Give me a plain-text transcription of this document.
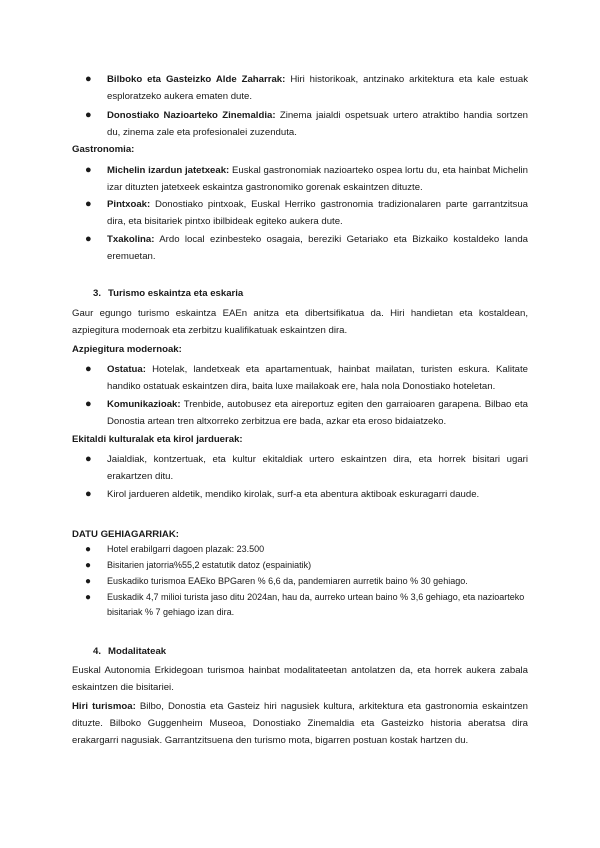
●	Bilboko eta Gasteizko Alde Zaharrak: Hiri historikoak, antzinako arkitektura eta kale estuak esploratzeko aukera ematen dute.
●	Donostiako Nazioarteko Zinemaldia: Zinema jaialdi ospetsuak urtero atraktibo handia sortzen du, zinema zale eta profesionalei zuzenduta.
Gastronomia:
●	Michelin izardun jatetxeak: Euskal gastronomiak nazioarteko ospea lortu du, eta hainbat Michelin izar dituzten jatetxeek eskaintza gastronomiko gorenak eskaintzen dituzte.
●	Pintxoak: Donostiako pintxoak, Euskal Herriko gastronomia tradizionalaren parte garrantzitsua dira, eta bisitariek pintxo ibilbideak egiteko aukera dute.
●	Txakolina: Ardo local ezinbesteko osagaia, bereziki Getariako eta Bizkaiko kostaldeko landa eremuetan.
3. Turismo eskaintza eta eskaria
Gaur egungo turismo eskaintza EAEn anitza eta dibertsifikatua da. Hiri handietan eta kostaldean, azpiegitura modernoak eta zerbitzu kualifikatuak eskaintzen dira.
Azpiegitura modernoak:
●	Ostatua: Hotelak, landetxeak eta apartamentuak, hainbat mailatan, turisten eskura. Kalitate handiko ostatuak eskaintzen dira, baita luxe mailakoak ere, hala nola Donostiako hoteletan.
●	Komunikazioak: Trenbide, autobusez eta aireportuz egiten den garraioaren garapena. Bilbao eta Donostia artean tren altxorreko zerbitzua ere bada, azkar eta eroso bidaiatzeko.
Ekitaldi kulturalak eta kirol jarduerak:
●	Jaialdiak, kontzertuak, eta kultur ekitaldiak urtero eskaintzen dira, eta horrek bisitari ugari erakartzen ditu.
●	Kirol jardueren aldetik, mendiko kirolak, surf-a eta abentura aktiboak eskuragarri daude.
DATU GEHIAGARRIAK:
● Hotel erabilgarri dagoen plazak: 23.500
● Bisitarien jatorria%55,2 estatutik datoz (espainiatik)
● Euskadiko turismoa EAEko BPGaren % 6,6 da, pandemiaren aurretik baino % 30 gehiago.
● Euskadik 4,7 milioi turista jaso ditu 2024an, hau da, aurreko urtean baino % 3,6 gehiago, eta nazioarteko bisitariak % 7 gehiago izan dira.
4. Modalitateak
Euskal Autonomia Erkidegoan turismoa hainbat modalitateetan antolatzen da, eta horrek aukera zabala eskaintzen die bisitariei.
Hiri turismoa: Bilbo, Donostia eta Gasteiz hiri nagusiek kultura, arkitektura eta gastronomia eskaintzen dituzte. Bilboko Guggenheim Museoa, Donostiako Zinemaldia eta Gasteizko historia aberatsa dira erakargarri nagusiak. Garrantzitsuena den turismo mota, bigarren postuan kostak hartzen du.
